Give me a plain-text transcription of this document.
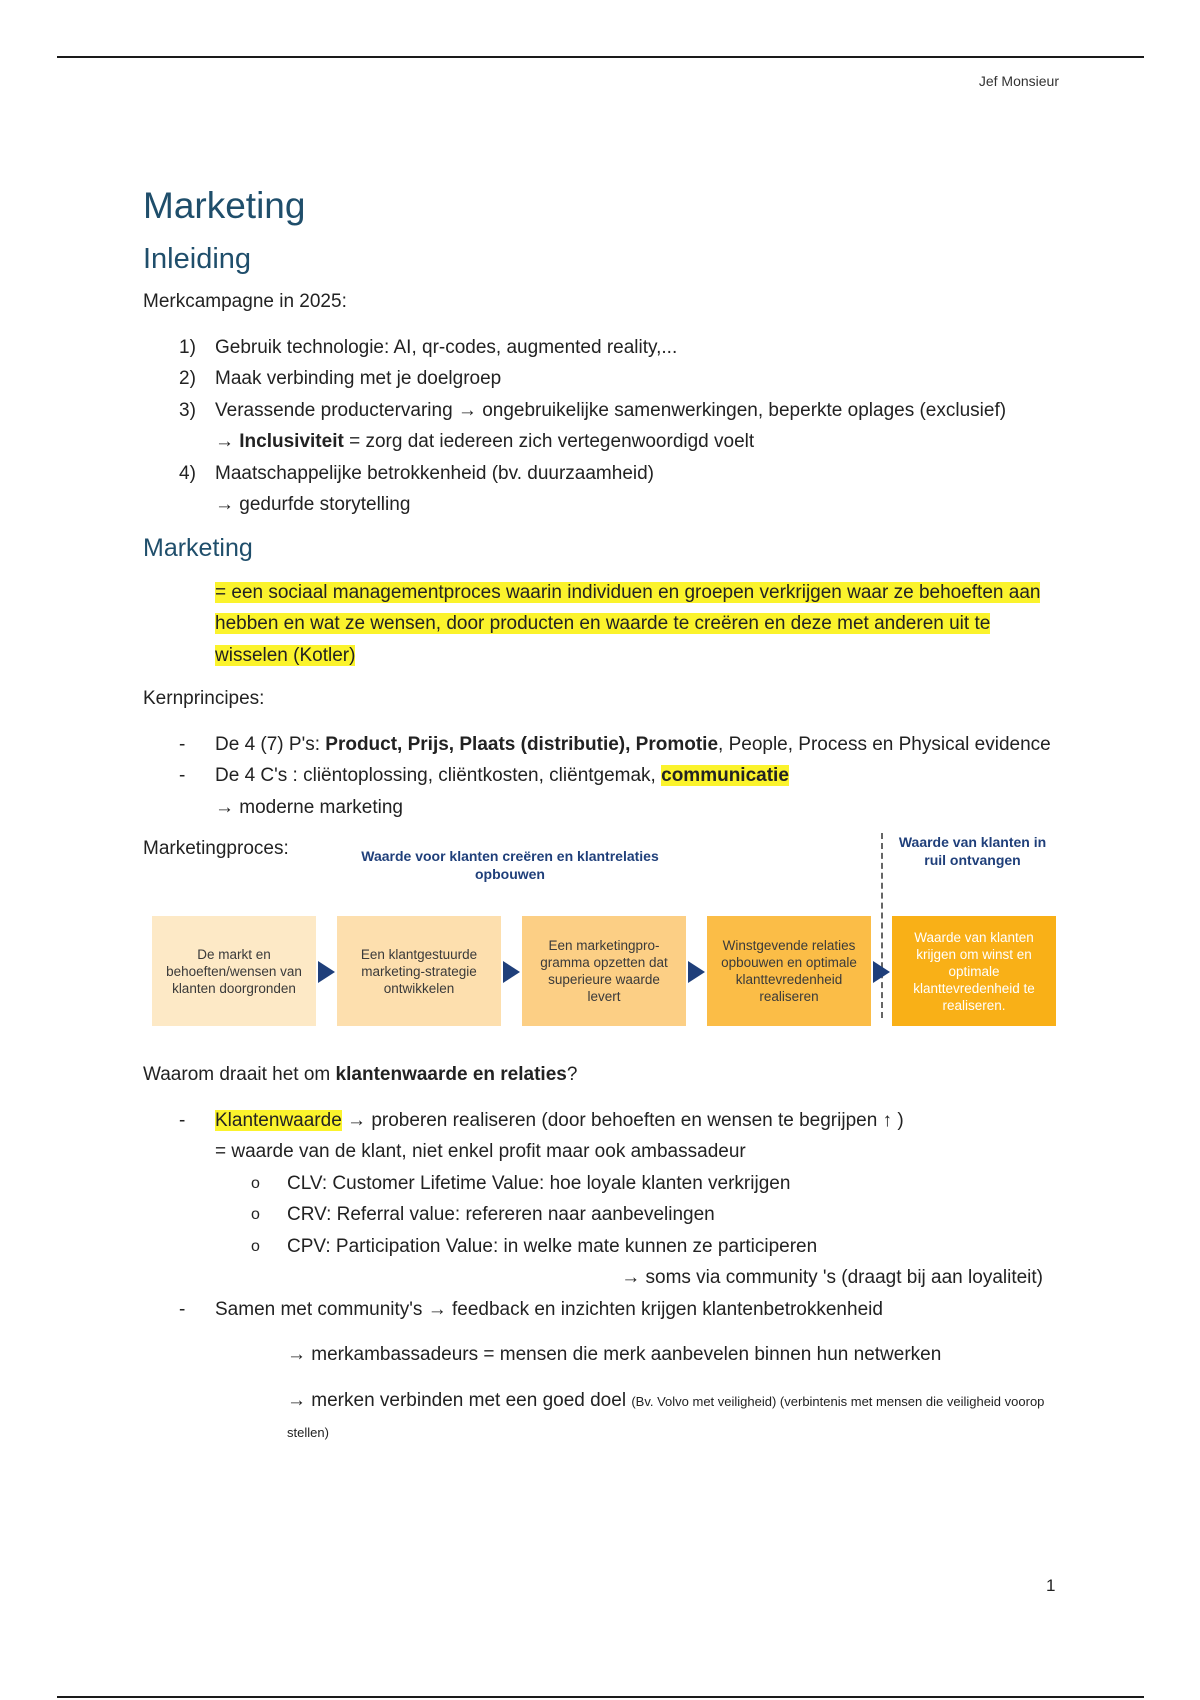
Jef Monsieur
Marketing
Inleiding

Merkcampagne in 2025:

1) Gebruik technologie: AI, qr-codes, augmented reality,...
2) Maak verbinding met je doelgroep
3) Verassende productervaring → ongebruikelijke samenwerkingen, beperkte oplages (exclusief)
→ Inclusiviteit = zorg dat iedereen zich vertegenwoordigd voelt
4) Maatschappelijke betrokkenheid (bv. duurzaamheid)
→ gedurfde storytelling
Marketing
= een sociaal managementproces waarin individuen en groepen verkrijgen waar ze behoeften aan hebben en wat ze wensen, door producten en waarde te creëren en deze met anderen uit te wisselen (Kotler)

Kernprincipes:

- De 4 (7) P's: Product, Prijs, Plaats (distributie), Promotie, People, Process en Physical evidence
- De 4 C's : cliëntoplossing, cliëntkosten, cliëntgemak, communicatie
→ moderne marketing

Marketingproces:	Waarde voor klanten creëren en klantrelaties opbouwen
Waarde van klanten in ruil ontvangen
De markt en behoeften/wensen van klanten doorgronden
Een klantgestuurde marketing-strategie ontwikkelen
Een marketingpro-gramma opzetten dat superieure waarde levert
Winstgevende relaties opbouwen en optimale klanttevredenheid realiseren
Waarde van klanten krijgen om winst en optimale klanttevredenheid te realiseren.

Waarom draait het om klantenwaarde en relaties?

- Klantenwaarde → proberen realiseren (door behoeften en wensen te begrijpen ↑ )
= waarde van de klant, niet enkel profit maar ook ambassadeur
o CLV: Customer Lifetime Value: hoe loyale klanten verkrijgen
o CRV: Referral value: refereren naar aanbevelingen
o CPV: Participation Value: in welke mate kunnen ze participeren
→ soms via community 's (draagt bij aan loyaliteit)
- Samen met community's → feedback en inzichten krijgen klantenbetrokkenheid
→ merkambassadeurs = mensen die merk aanbevelen binnen hun netwerken
→ merken verbinden met een goed doel (Bv. Volvo met veiligheid) (verbintenis met mensen die veiligheid voorop stellen)
1
